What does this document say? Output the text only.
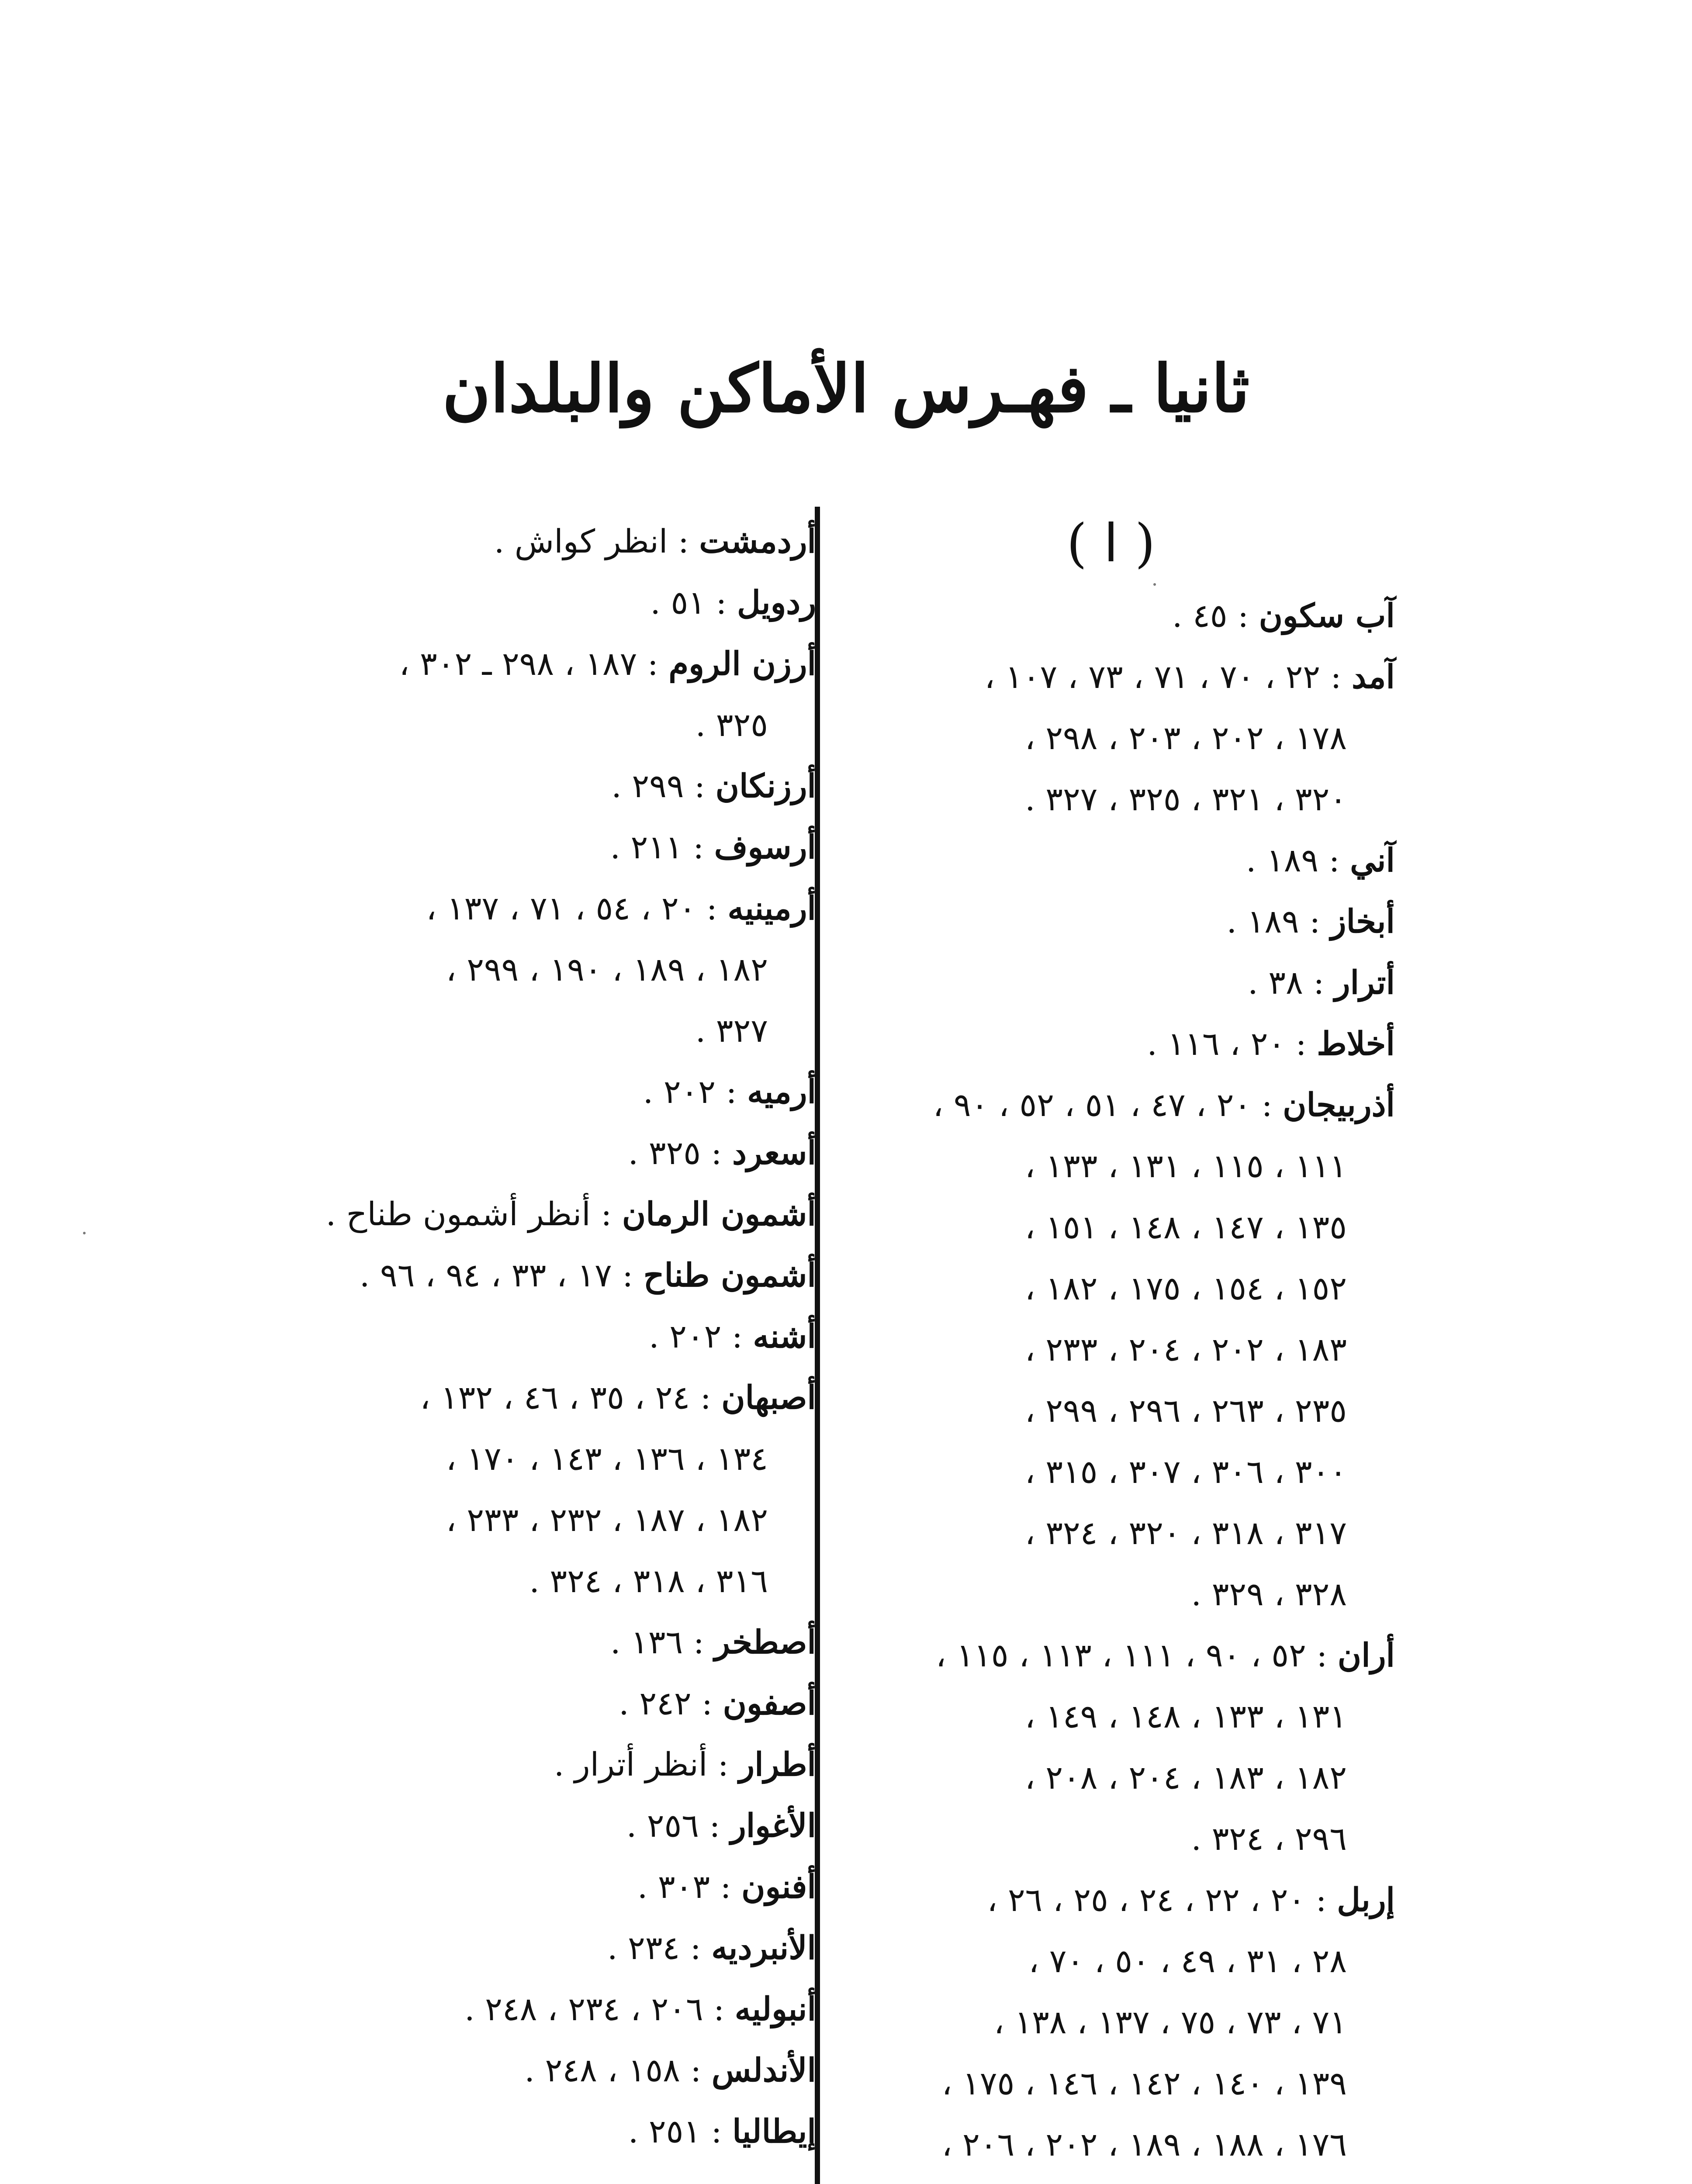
ثانيا ـ فهـرس الأماكن والبلدان
( ا )
آب سكون : ٤٥ .
آمد : ٢٢ ، ٧٠ ، ٧١ ، ٧٣ ، ١٠٧ ،
١٧٨ ، ٢٠٢ ، ٢٠٣ ، ٢٩٨ ،
٣٢٠ ، ٣٢١ ، ٣٢٥ ، ٣٢٧ .
آني : ١٨٩ .
أبخاز : ١٨٩ .
أترار : ٣٨ .
أخلاط : ٢٠ ، ١١٦ .
أذربيجان : ٢٠ ، ٤٧ ، ٥١ ، ٥٢ ، ٩٠ ،
١١١ ، ١١٥ ، ١٣١ ، ١٣٣ ،
١٣٥ ، ١٤٧ ، ١٤٨ ، ١٥١ ،
١٥٢ ، ١٥٤ ، ١٧٥ ، ١٨٢ ،
١٨٣ ، ٢٠٢ ، ٢٠٤ ، ٢٣٣ ،
٢٣٥ ، ٢٦٣ ، ٢٩٦ ، ٢٩٩ ،
٣٠٠ ، ٣٠٦ ، ٣٠٧ ، ٣١٥ ،
٣١٧ ، ٣١٨ ، ٣٢٠ ، ٣٢٤ ،
٣٢٨ ، ٣٢٩ .
أران : ٥٢ ، ٩٠ ، ١١١ ، ١١٣ ، ١١٥ ،
١٣١ ، ١٣٣ ، ١٤٨ ، ١٤٩ ،
١٨٢ ، ١٨٣ ، ٢٠٤ ، ٢٠٨ ،
٢٩٦ ، ٣٢٤ .
إربل : ٢٠ ، ٢٢ ، ٢٤ ، ٢٥ ، ٢٦ ،
٢٨ ، ٣١ ، ٤٩ ، ٥٠ ، ٧٠ ،
٧١ ، ٧٣ ، ٧٥ ، ١٣٧ ، ١٣٨ ،
١٣٩ ، ١٤٠ ، ١٤٢ ، ١٤٦ ، ١٧٥ ،
١٧٦ ، ١٨٨ ، ١٨٩ ، ٢٠٢ ، ٢٠٦ ،
أردمشت : انظر كواش .
ردويل : ٥١ .
أرزن الروم : ١٨٧ ، ٢٩٨ ـ ٣٠٢ ،
٣٢٥ .
أرزنكان : ٢٩٩ .
أرسوف : ٢١١ .
أرمينيه : ٢٠ ، ٥٤ ، ٧١ ، ١٣٧ ،
١٨٢ ، ١٨٩ ، ١٩٠ ، ٢٩٩ ،
٣٢٧ .
أرميه : ٢٠٢ .
أسعرد : ٣٢٥ .
أشمون الرمان : أنظر أشمون طناح .
أشمون طناح : ١٧ ، ٣٣ ، ٩٤ ، ٩٦ .
أشنه : ٢٠٢ .
أصبهان : ٢٤ ، ٣٥ ، ٤٦ ، ١٣٢ ،
١٣٤ ، ١٣٦ ، ١٤٣ ، ١٧٠ ،
١٨٢ ، ١٨٧ ، ٢٣٢ ، ٢٣٣ ،
٣١٦ ، ٣١٨ ، ٣٢٤ .
أصطخر : ١٣٦ .
أصفون : ٢٤٢ .
أطرار : أنظر أترار .
الأغوار : ٢٥٦ .
أفنون : ٣٠٣ .
الأنبرديه : ٢٣٤ .
أنبوليه : ٢٠٦ ، ٢٣٤ ، ٢٤٨ .
الأندلس : ١٥٨ ، ٢٤٨ .
إيطاليا : ٢٥١ .
